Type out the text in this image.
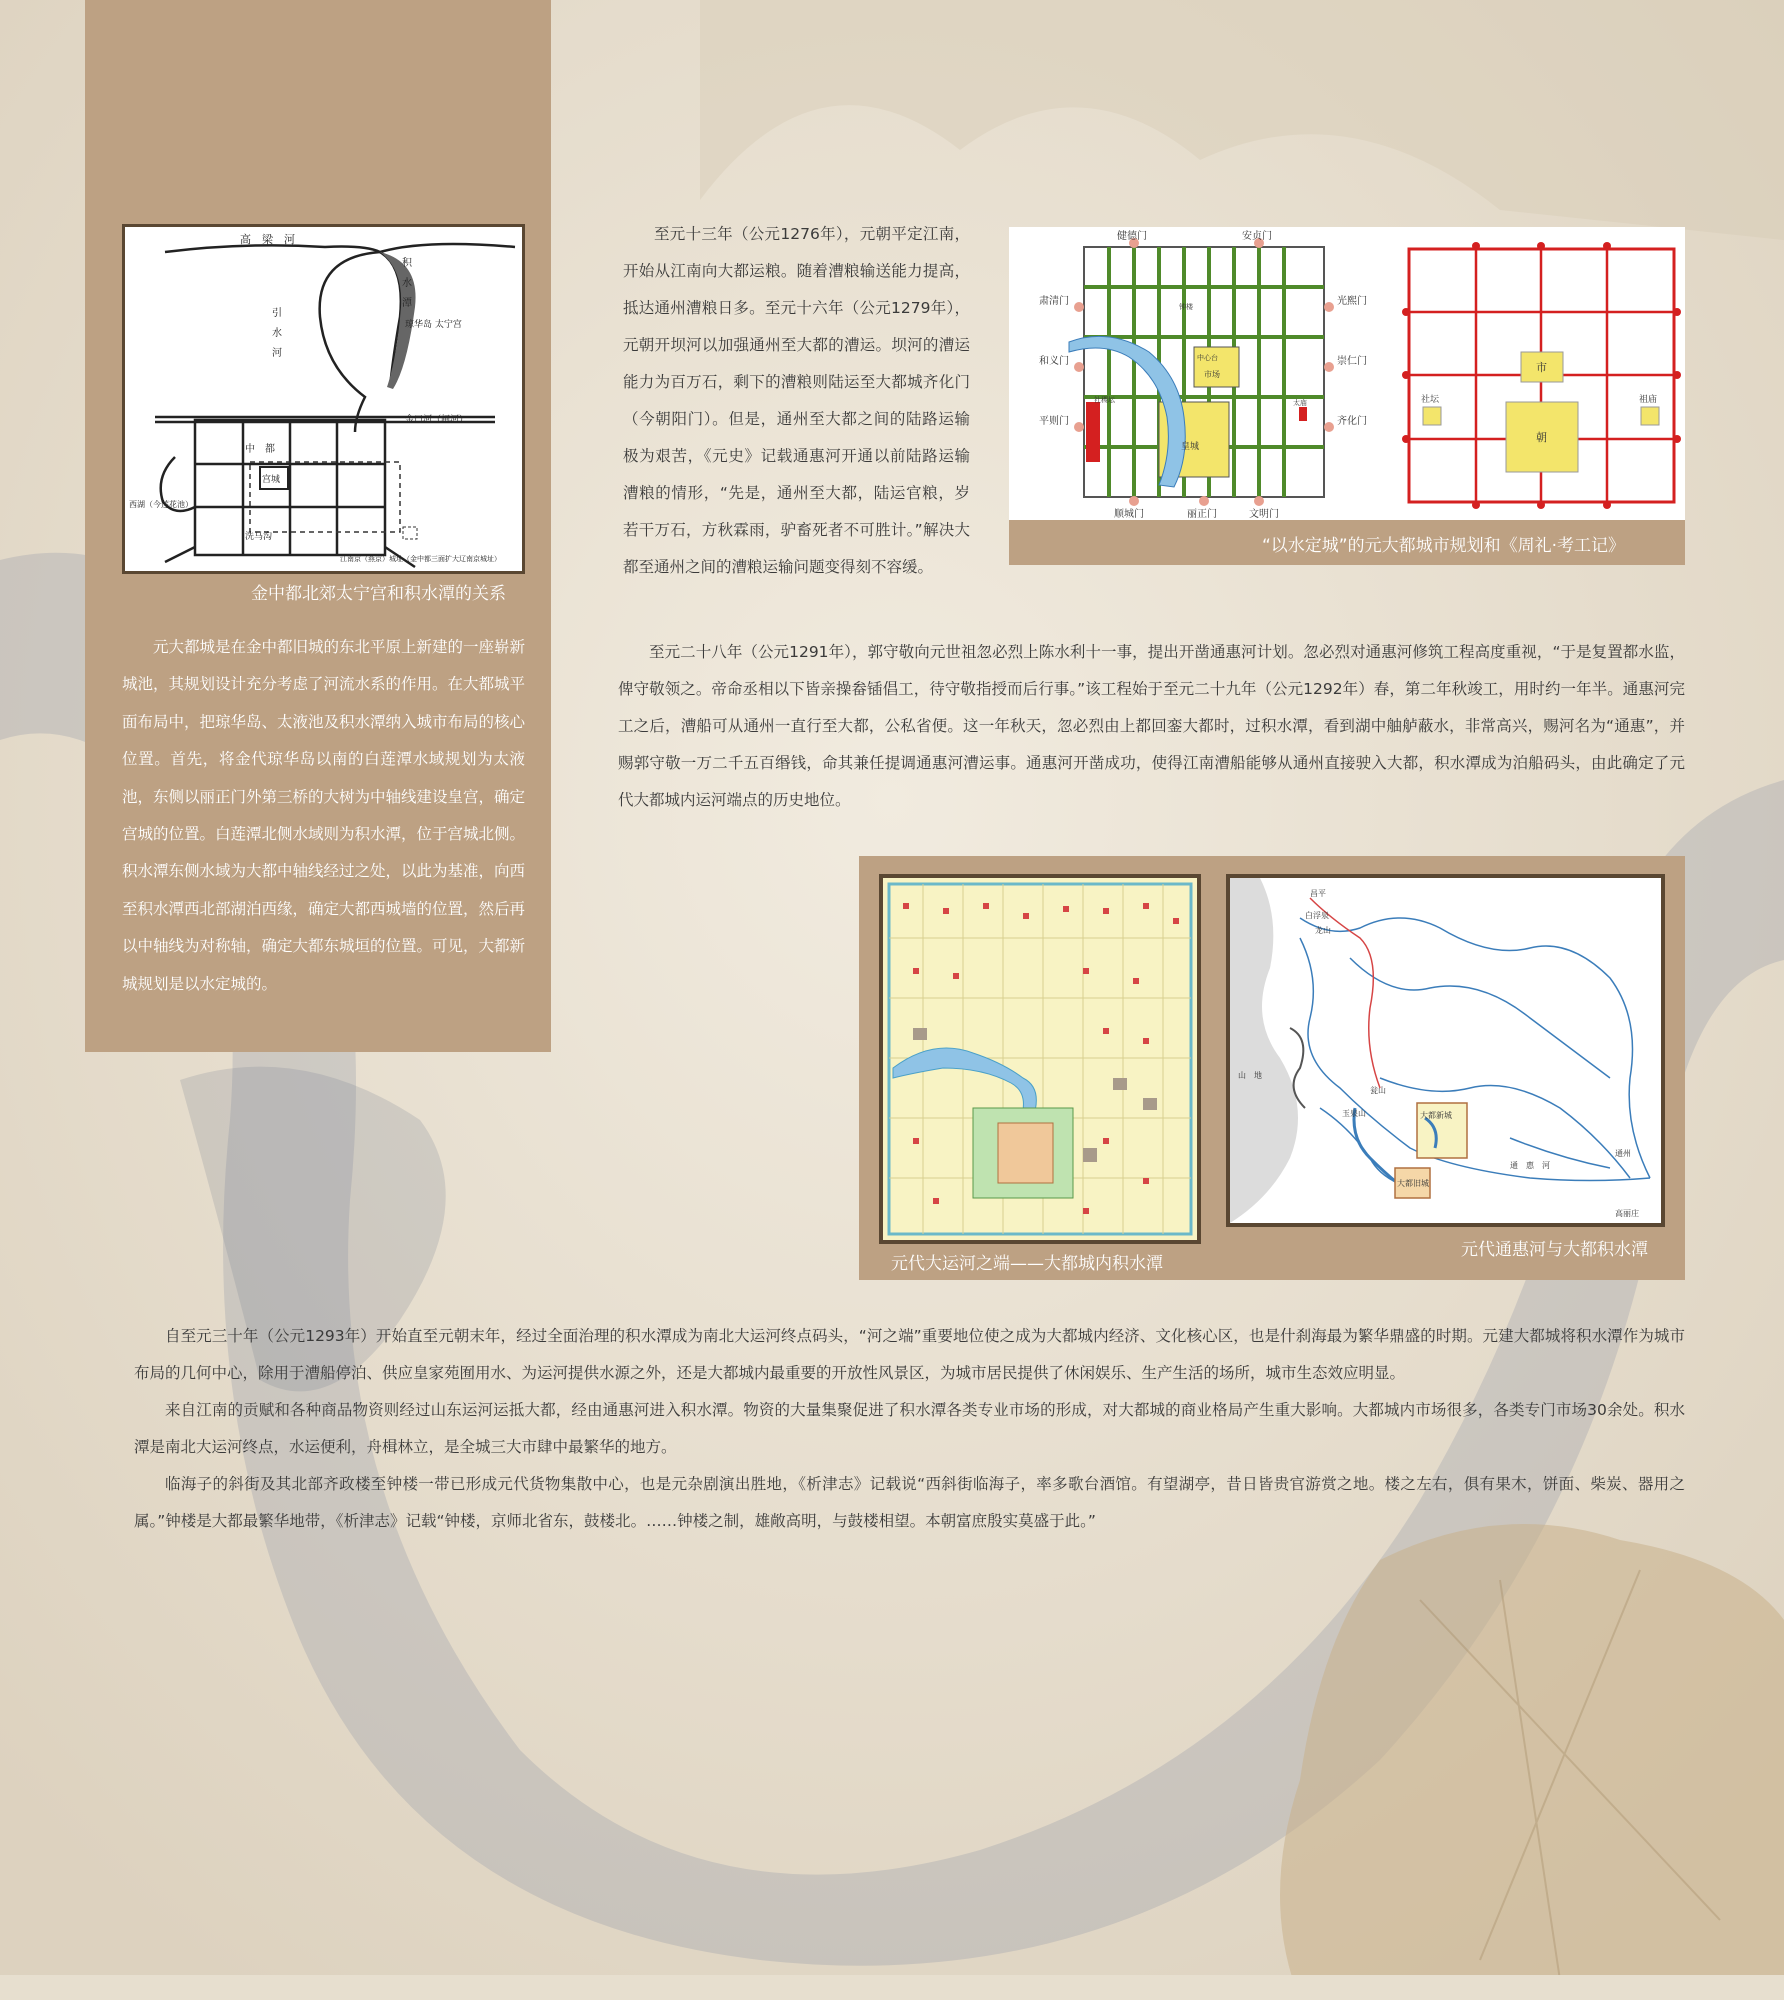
高　梁　河
引　水　河
积　水　潭
琼华岛 太宁宫
金口河（闸河）
中　都
宫城
西湖（今莲花池）
洗马沟
江南京（燕京）城址（金中都三面扩大辽南京城址）
金中都北郊太宁宫和积水潭的关系

元大都城是在金中都旧城的东北平原上新建的一座崭新城池，其规划设计充分考虑了河流水系的作用。在大都城平面布局中，把琼华岛、太液池及积水潭纳入城市布局的核心位置。首先，将金代琼华岛以南的白莲潭水域规划为太液池，东侧以丽正门外第三桥的大树为中轴线建设皇宫，确定宫城的位置。白莲潭北侧水域则为积水潭，位于宫城北侧。积水潭东侧水域为大都中轴线经过之处，以此为基准，向西至积水潭西北部湖泊西缘，确定大都西城墙的位置，然后再以中轴线为对称轴，确定大都东城垣的位置。可见，大都新城规划是以水定城的。

至元十三年（公元1276年），元朝平定江南，开始从江南向大都运粮。随着漕粮输送能力提高，抵达通州漕粮日多。至元十六年（公元1279年），元朝开坝河以加强通州至大都的漕运。坝河的漕运能力为百万石，剩下的漕粮则陆运至大都城齐化门（今朝阳门）。但是，通州至大都之间的陆路运输极为艰苦，《元史》记载通惠河开通以前陆路运输漕粮的情形，“先是，通州至大都，陆运官粮，岁若干万石，方秋霖雨，驴畜死者不可胜计。”解决大都至通州之间的漕粮运输问题变得刻不容缓。

健德门	安贞门
肃清门
和义门
平则门
光熙门
崇仁门
齐化门
顺城门	丽正门	文明门
钟楼
中心台
市场
社稷坛	太庙
皇城
市
朝
社坛	祖庙
“以水定城”的元大都城市规划和《周礼·考工记》

至元二十八年（公元1291年），郭守敬向元世祖忽必烈上陈水利十一事，提出开凿通惠河计划。忽必烈对通惠河修筑工程高度重视，“于是复置都水监，俾守敬领之。帝命丞相以下皆亲操畚锸倡工，待守敬指授而后行事。”该工程始于至元二十九年（公元1292年）春，第二年秋竣工，用时约一年半。通惠河完工之后，漕船可从通州一直行至大都，公私省便。这一年秋天，忽必烈由上都回銮大都时，过积水潭，看到湖中舳舻蔽水，非常高兴，赐河名为“通惠”，并赐郭守敬一万二千五百缗钱，命其兼任提调通惠河漕运事。通惠河开凿成功，使得江南漕船能够从通州直接驶入大都，积水潭成为泊船码头，由此确定了元代大都城内运河端点的历史地位。

昌平
白浮泉
龙山
山　地
瓮山
玉泉山	大都新城
大都旧城
通　惠　河
通州
高丽庄
元代大运河之端——大都城内积水潭
元代通惠河与大都积水潭

自至元三十年（公元1293年）开始直至元朝末年，经过全面治理的积水潭成为南北大运河终点码头，“河之端”重要地位使之成为大都城内经济、文化核心区，也是什刹海最为繁华鼎盛的时期。元建大都城将积水潭作为城市布局的几何中心，除用于漕船停泊、供应皇家苑囿用水、为运河提供水源之外，还是大都城内最重要的开放性风景区，为城市居民提供了休闲娱乐、生产生活的场所，城市生态效应明显。

来自江南的贡赋和各种商品物资则经过山东运河运抵大都，经由通惠河进入积水潭。物资的大量集聚促进了积水潭各类专业市场的形成，对大都城的商业格局产生重大影响。大都城内市场很多，各类专门市场30余处。积水潭是南北大运河终点，水运便利，舟楫林立，是全城三大市肆中最繁华的地方。

临海子的斜街及其北部齐政楼至钟楼一带已形成元代货物集散中心，也是元杂剧演出胜地，《析津志》记载说“西斜街临海子，率多歌台酒馆。有望湖亭，昔日皆贵官游赏之地。楼之左右，俱有果木，饼面、柴炭、器用之属。”钟楼是大都最繁华地带，《析津志》记载“钟楼，京师北省东，鼓楼北。……钟楼之制，雄敞高明，与鼓楼相望。本朝富庶殷实莫盛于此。”
